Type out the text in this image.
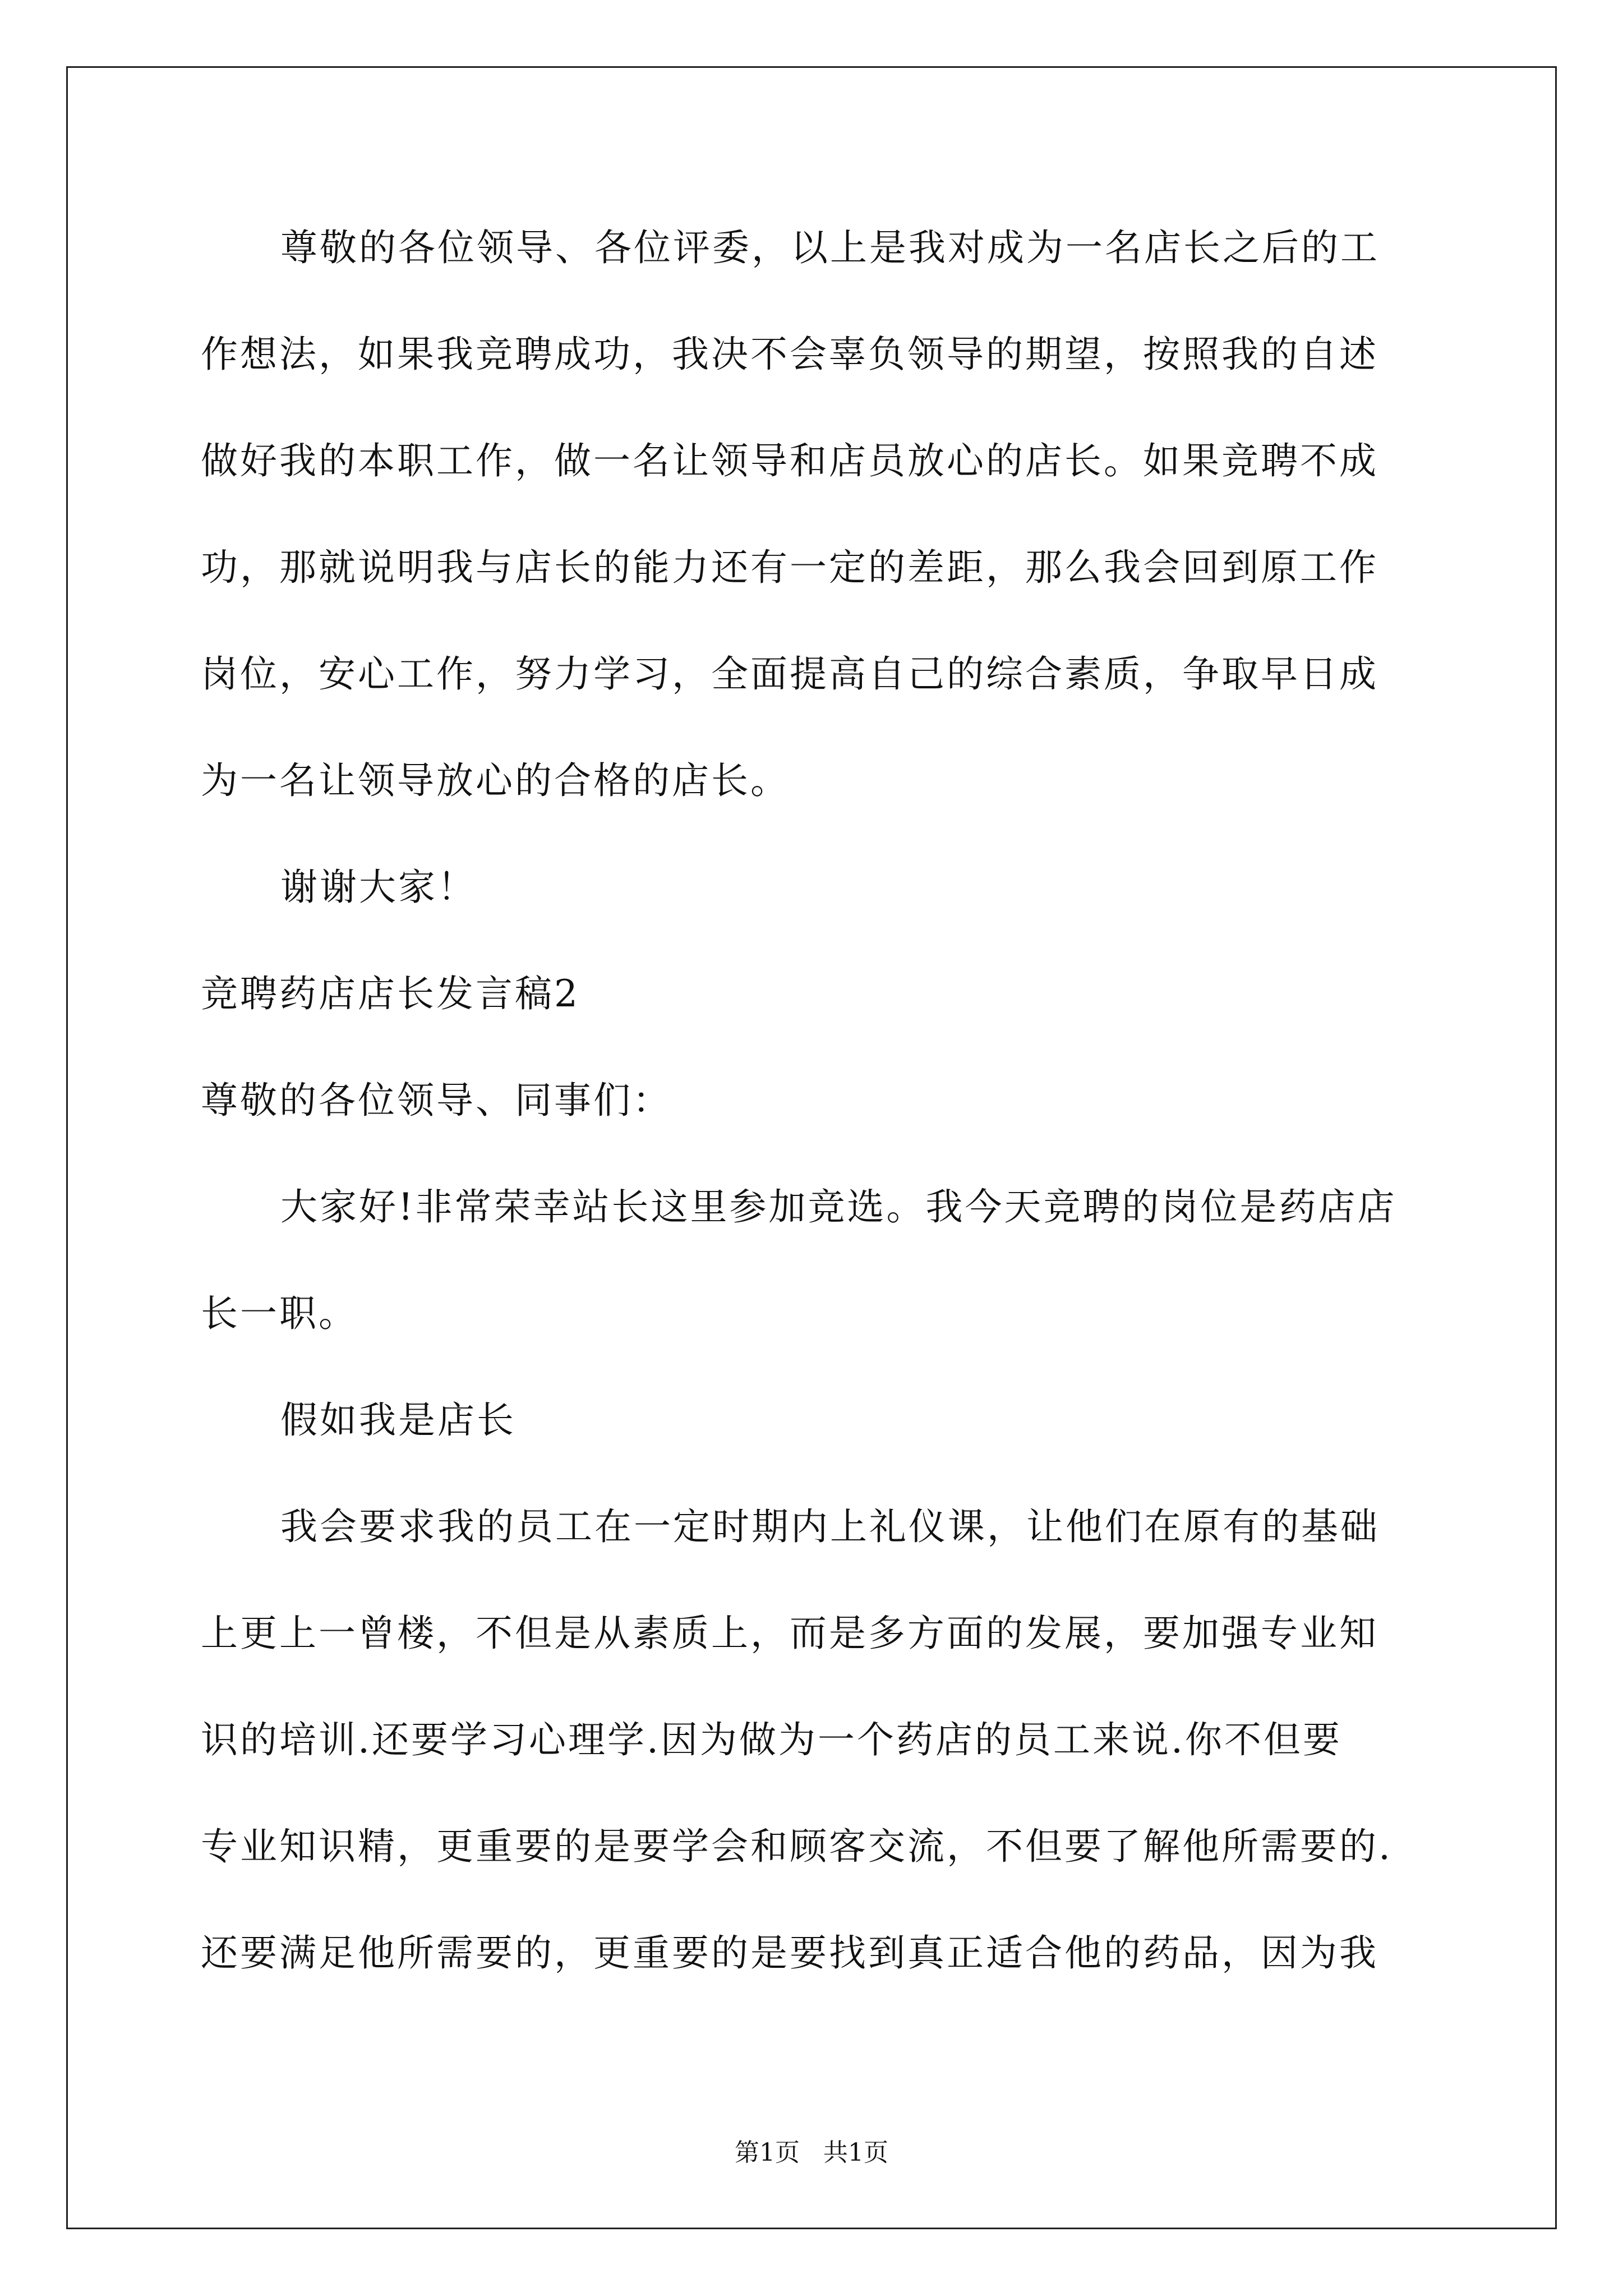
尊敬的各位领导、各位评委，以上是我对成为一名店长之后的工
作想法，如果我竞聘成功，我决不会辜负领导的期望，按照我的自述
做好我的本职工作，做一名让领导和店员放心的店长。如果竞聘不成
功，那就说明我与店长的能力还有一定的差距，那么我会回到原工作
岗位，安心工作，努力学习，全面提高自己的综合素质，争取早日成
为一名让领导放心的合格的店长。
谢谢大家！
竞聘药店店长发言稿2
尊敬的各位领导、同事们：
大家好!非常荣幸站长这里参加竞选。我今天竞聘的岗位是药店店
长一职。
假如我是店长
我会要求我的员工在一定时期内上礼仪课，让他们在原有的基础
上更上一曾楼，不但是从素质上，而是多方面的发展，要加强专业知
识的培训.还要学习心理学.因为做为一个药店的员工来说.你不但要
专业知识精，更重要的是要学会和顾客交流，不但要了解他所需要的.
还要满足他所需要的，更重要的是要找到真正适合他的药品，因为我
第1页   共1页
